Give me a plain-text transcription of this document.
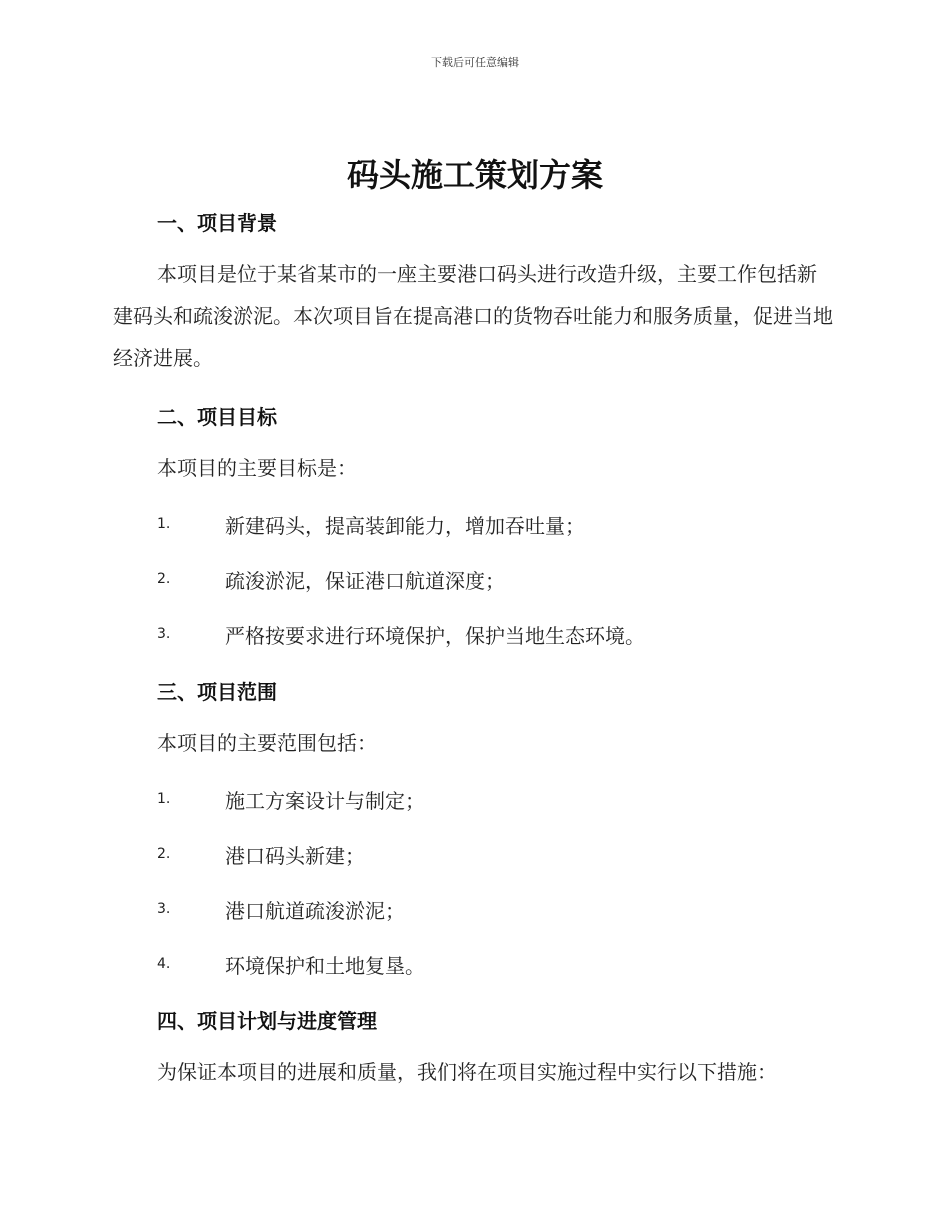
下载后可任意编辑
码头施工策划方案
一、项目背景
本项目是位于某省某市的一座主要港口码头进行改造升级，主要工作包括新建码头和疏浚淤泥。本次项目旨在提高港口的货物吞吐能力和服务质量，促进当地经济进展。
二、项目目标
本项目的主要目标是：
1.	新建码头，提高装卸能力，增加吞吐量；
2.	疏浚淤泥，保证港口航道深度；
3.	严格按要求进行环境保护，保护当地生态环境。
三、项目范围
本项目的主要范围包括：
1.	施工方案设计与制定；
2.	港口码头新建；
3.	港口航道疏浚淤泥；
4.	环境保护和土地复垦。
四、项目计划与进度管理
为保证本项目的进展和质量，我们将在项目实施过程中实行以下措施：
